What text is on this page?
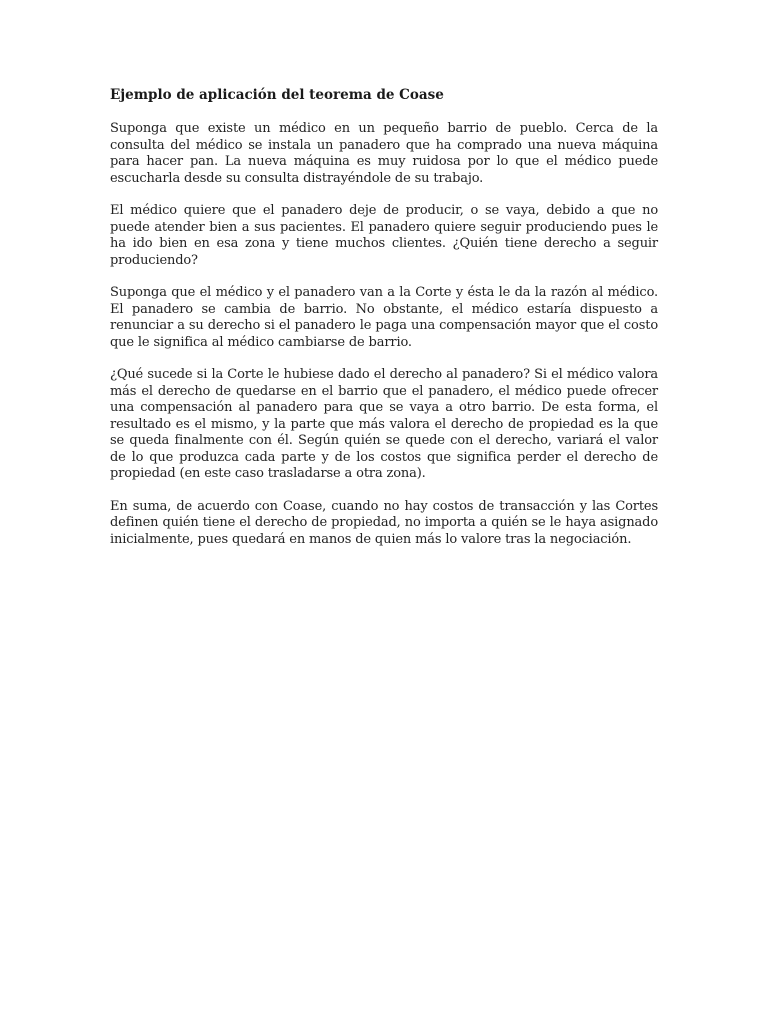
Ejemplo de aplicación del teorema de Coase

Suponga que existe un médico en un pequeño barrio de pueblo. Cerca de la consulta del médico se instala un panadero que ha comprado una nueva máquina para hacer pan. La nueva máquina es muy ruidosa por lo que el médico puede escucharla desde su consulta distrayéndole de su trabajo.

El médico quiere que el panadero deje de producir, o se vaya, debido a que no puede atender bien a sus pacientes. El panadero quiere seguir produciendo pues le ha ido bien en esa zona y tiene muchos clientes. ¿Quién tiene derecho a seguir produciendo?

Suponga que el médico y el panadero van a la Corte y ésta le da la razón al médico. El panadero se cambia de barrio. No obstante, el médico estaría dispuesto a renunciar a su derecho si el panadero le paga una compensación mayor que el costo que le significa al médico cambiarse de barrio.

¿Qué sucede si la Corte le hubiese dado el derecho al panadero? Si el médico valora más el derecho de quedarse en el barrio que el panadero, el médico puede ofrecer una compensación al panadero para que se vaya a otro barrio. De esta forma, el resultado es el mismo, y la parte que más valora el derecho de propiedad es la que se queda finalmente con él. Según quién se quede con el derecho, variará el valor de lo que produzca cada parte y de los costos que significa perder el derecho de propiedad (en este caso trasladarse a otra zona).

En suma, de acuerdo con Coase, cuando no hay costos de transacción y las Cortes definen quién tiene el derecho de propiedad, no importa a quién se le haya asignado inicialmente, pues quedará en manos de quien más lo valore tras la negociación.
